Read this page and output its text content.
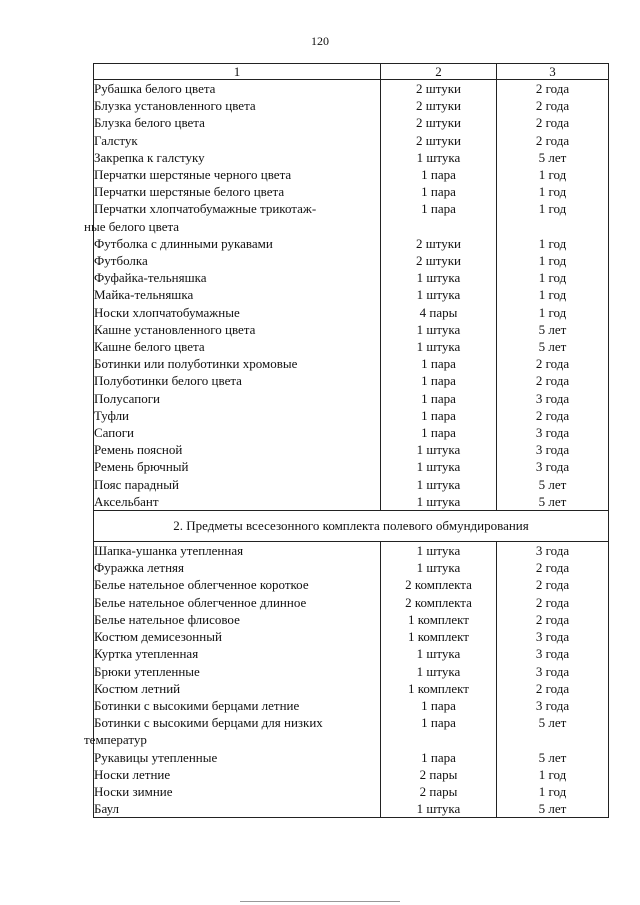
120
1	2	3
Рубашка белого цвета	2 штуки	2 года
Блузка установленного цвета	2 штуки	2 года
Блузка белого цвета	2 штуки	2 года
Галстук	2 штуки	2 года
Закрепка к галстуку	1 штука	5 лет
Перчатки шерстяные черного цвета	1 пара	1 год
Перчатки шерстяные белого цвета	1 пара	1 год
Перчатки хлопчатобумажные трикотаж-
ные белого цвета	1 пара	1 год
Футболка с длинными рукавами	2 штуки	1 год
Футболка	2 штуки	1 год
Фуфайка-тельняшка	1 штука	1 год
Майка-тельняшка	1 штука	1 год
Носки хлопчатобумажные	4 пары	1 год
Кашне установленного цвета	1 штука	5 лет
Кашне белого цвета	1 штука	5 лет
Ботинки или полуботинки хромовые	1 пара	2 года
Полуботинки белого цвета	1 пара	2 года
Полусапоги	1 пара	3 года
Туфли	1 пара	2 года
Сапоги	1 пара	3 года
Ремень поясной	1 штука	3 года
Ремень брючный	1 штука	3 года
Пояс парадный	1 штука	5 лет
Аксельбант	1 штука	5 лет
2. Предметы всесезонного комплекта полевого обмундирования		
Шапка-ушанка утепленная	1 штука	3 года
Фуражка летняя	1 штука	2 года
Белье нательное облегченное короткое	2 комплекта	2 года
Белье нательное облегченное длинное	2 комплекта	2 года
Белье нательное флисовое	1 комплект	2 года
Костюм демисезонный	1 комплект	3 года
Куртка утепленная	1 штука	3 года
Брюки утепленные	1 штука	3 года
Костюм летний	1 комплект	2 года
Ботинки с высокими берцами летние	1 пара	3 года
Ботинки с высокими берцами для низких
температур	1 пара	5 лет
Рукавицы утепленные	1 пара	5 лет
Носки летние	2 пары	1 год
Носки зимние	2 пары	1 год
Баул	1 штука	5 лет
